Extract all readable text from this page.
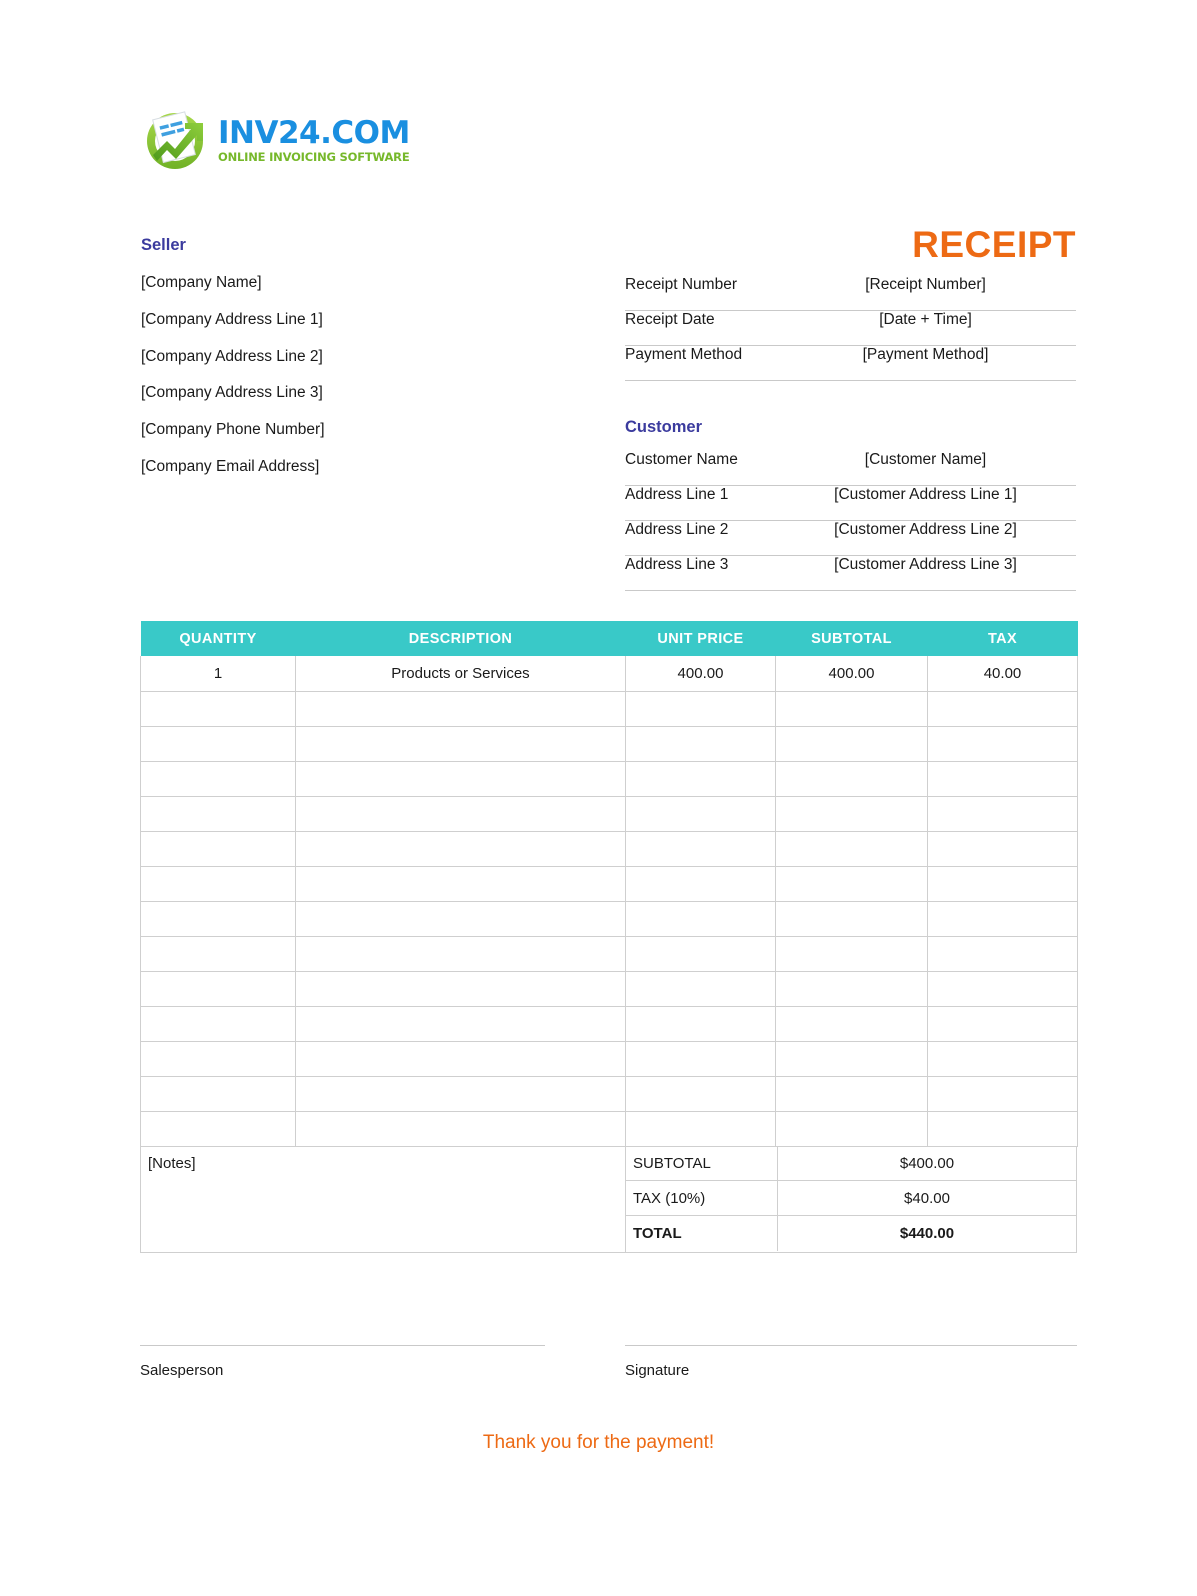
INV24.COM
ONLINE INVOICING SOFTWARE
RECEIPT
Seller
[Company Name]
[Company Address Line 1]
[Company Address Line 2]
[Company Address Line 3]
[Company Phone Number]
[Company Email Address]
Receipt Number	[Receipt Number]
Receipt Date	[Date + Time]
Payment Method	[Payment Method]
Customer
Customer Name	[Customer Name]
Address Line 1	[Customer Address Line 1]
Address Line 2	[Customer Address Line 2]
Address Line 3	[Customer Address Line 3]
QUANTITY	DESCRIPTION	UNIT PRICE	SUBTOTAL	TAX
1	Products or Services	400.00	400.00	40.00

[Notes]	SUBTOTAL	$400.00
TAX (10%)	$40.00
TOTAL	$440.00
Salesperson	Signature
Thank you for the payment!
